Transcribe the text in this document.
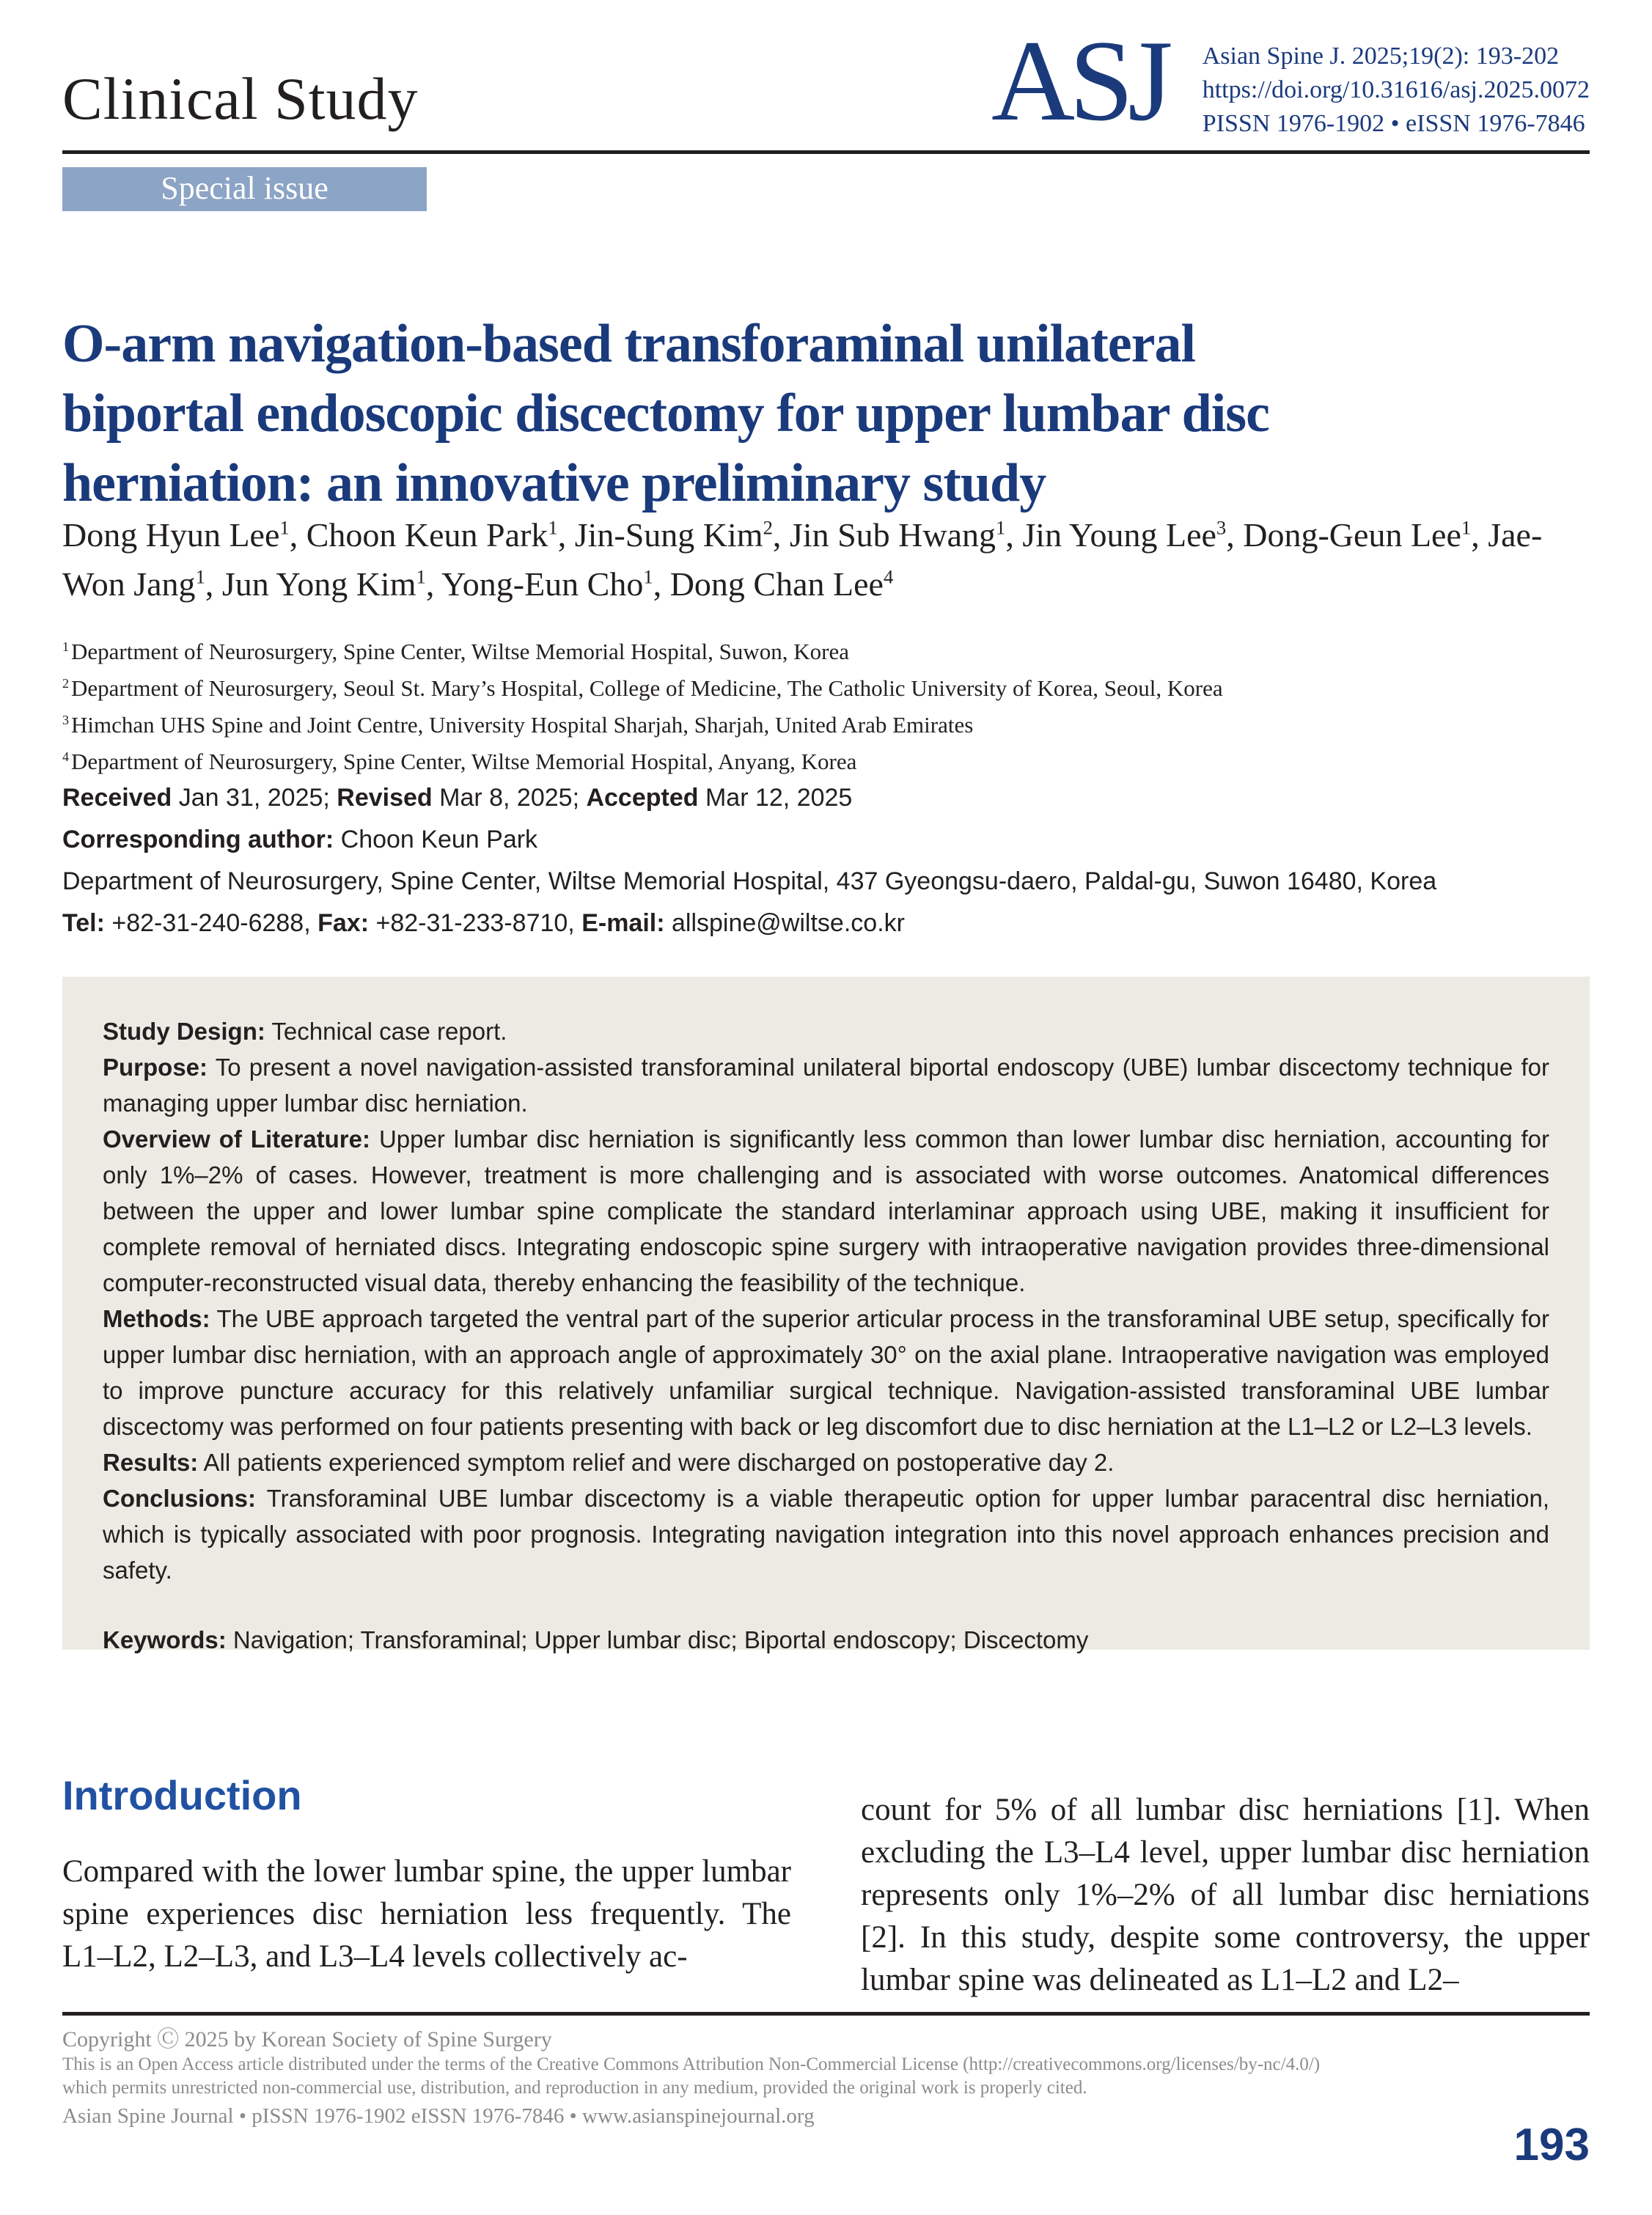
Clinical Study	ASJ Asian Spine J. 2025;19(2): 193-202
https://doi.org/10.31616/asj.2025.0072
PISSN 1976-1902 • eISSN 1976-7846
Special issue
O-arm navigation-based transforaminal unilateral
biportal endoscopic discectomy for upper lumbar disc
herniation: an innovative preliminary study
Dong Hyun Lee$^1$, Choon Keun Park$^1$, Jin-Sung Kim$^2$, Jin Sub Hwang$^1$, Jin Young Lee$^3$, Dong-Geun Lee$^1$, Jae-Won Jang$^1$, Jun Yong Kim$^1$, Yong-Eun Cho$^1$, Dong Chan Lee$^4$
$^1$Department of Neurosurgery, Spine Center, Wiltse Memorial Hospital, Suwon, Korea
$^2$Department of Neurosurgery, Seoul St. Mary’s Hospital, College of Medicine, The Catholic University of Korea, Seoul, Korea
$^3$Himchan UHS Spine and Joint Centre, University Hospital Sharjah, Sharjah, United Arab Emirates
$^4$Department of Neurosurgery, Spine Center, Wiltse Memorial Hospital, Anyang, Korea
Received Jan 31, 2025; Revised Mar 8, 2025; Accepted Mar 12, 2025
Corresponding author: Choon Keun Park
Department of Neurosurgery, Spine Center, Wiltse Memorial Hospital, 437 Gyeongsu-daero, Paldal-gu, Suwon 16480, Korea
Tel: +82-31-240-6288, Fax: +82-31-233-8710, E-mail: allspine@wiltse.co.kr

Study Design: Technical case report.

Purpose: To present a novel navigation-assisted transforaminal unilateral biportal endoscopy (UBE) lumbar discectomy technique for managing upper lumbar disc herniation.

Overview of Literature: Upper lumbar disc herniation is significantly less common than lower lumbar disc herniation, accounting for only 1%–2% of cases. However, treatment is more challenging and is associated with worse outcomes. Anatomical differences between the upper and lower lumbar spine complicate the standard interlaminar approach using UBE, making it insufficient for complete removal of herniated discs. Integrating endoscopic spine surgery with intraoperative navigation provides three-dimensional computer-reconstructed visual data, thereby enhancing the feasibility of the technique.

Methods: The UBE approach targeted the ventral part of the superior articular process in the transforaminal UBE setup, specifically for upper lumbar disc herniation, with an approach angle of approximately 30° on the axial plane. Intraoperative navigation was employed to improve puncture accuracy for this relatively unfamiliar surgical technique. Navigation-assisted transforaminal UBE lumbar discectomy was performed on four patients presenting with back or leg discomfort due to disc herniation at the L1–L2 or L2–L3 levels.

Results: All patients experienced symptom relief and were discharged on postoperative day 2.

Conclusions: Transforaminal UBE lumbar discectomy is a viable therapeutic option for upper lumbar paracentral disc herniation, which is typically associated with poor prognosis. Integrating navigation integration into this novel approach enhances precision and safety.

Keywords: Navigation; Transforaminal; Upper lumbar disc; Biportal endoscopy; Discectomy

Introduction

Compared with the lower lumbar spine, the upper lumbar spine experiences disc herniation less frequently. The L1–L2, L2–L3, and L3–L4 levels collectively ac-

count for 5% of all lumbar disc herniations [1]. When excluding the L3–L4 level, upper lumbar disc herniation represents only 1%–2% of all lumbar disc herniations [2]. In this study, despite some controversy, the upper lumbar spine was delineated as L1–L2 and L2–

Copyright Ⓒ 2025 by Korean Society of Spine Surgery
This is an Open Access article distributed under the terms of the Creative Commons Attribution Non-Commercial License (http://creativecommons.org/licenses/by-nc/4.0/)
which permits unrestricted non-commercial use, distribution, and reproduction in any medium, provided the original work is properly cited.
Asian Spine Journal • pISSN 1976-1902 eISSN 1976-7846 • www.asianspinejournal.org
193
